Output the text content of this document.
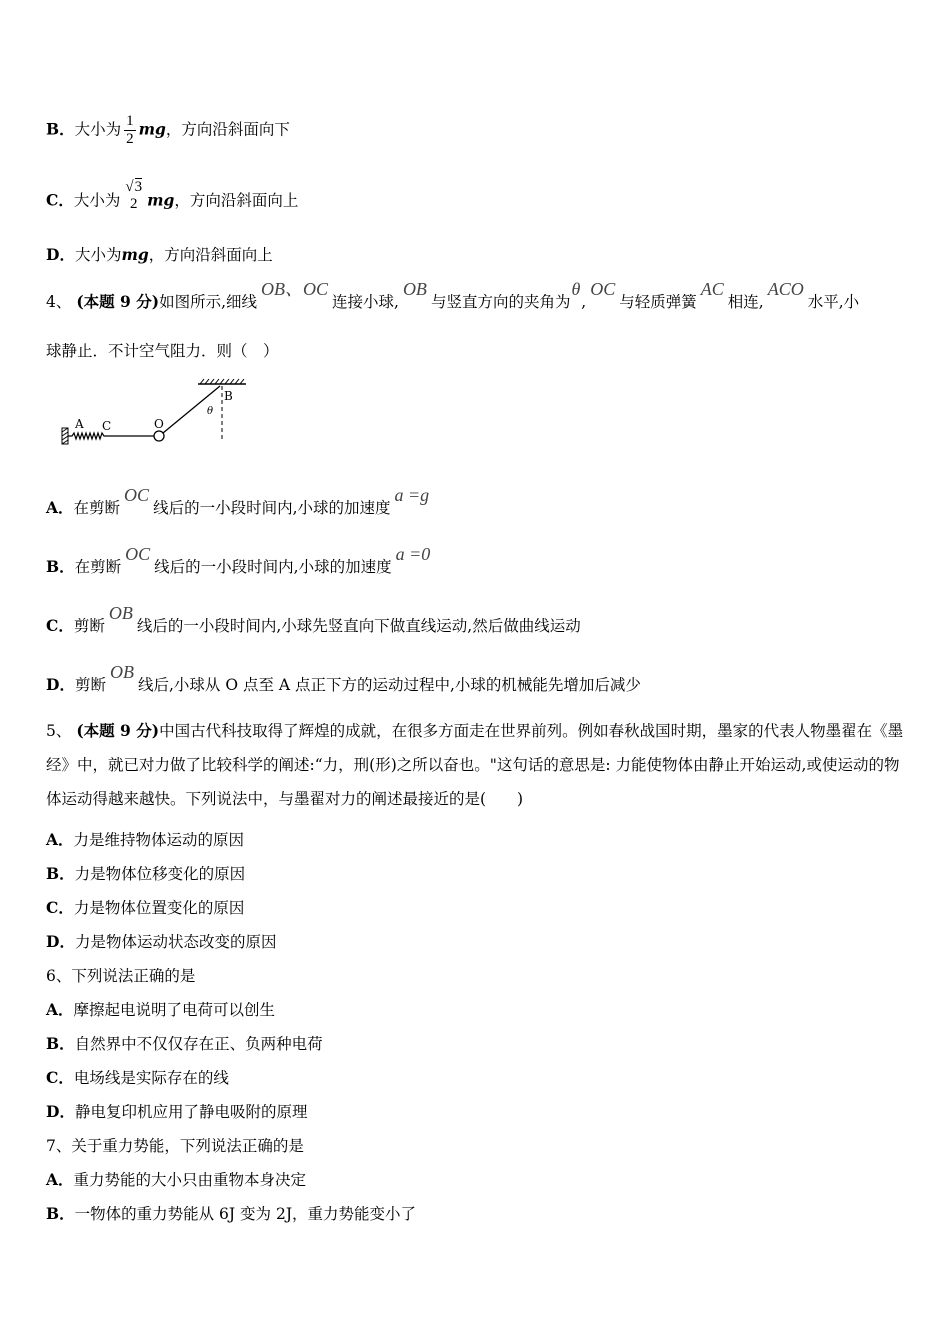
B．大小为 $\frac{1}{2}$ mg，方向沿斜面向下
C．大小为
√3
2 mg，方向沿斜面向上
D．大小为mg，方向沿斜面向上
4、 (本题 9 分)如图所示,细线OB、OC连接小球,OB与竖直方向的夹角为θ,OC与轻质弹簧AC相连,ACO水平,小
球静止．不计空气阻力．则（　）
A C	O
B
θ
A．在剪断OC线后的一小段时间内,小球的加速度a =g
B．在剪断OC线后的一小段时间内,小球的加速度a =0
C．剪断OB线后的一小段时间内,小球先竖直向下做直线运动,然后做曲线运动
D．剪断OB线后,小球从 O 点至 A 点正下方的运动过程中,小球的机械能先增加后减少
5、 (本题 9 分)中国古代科技取得了辉煌的成就，在很多方面走在世界前列。例如春秋战国时期，墨家的代表人物墨翟在《墨经》中，就已对力做了比较科学的阐述:“力，刑(形)之所以奋也。"这句话的意思是: 力能使物体由静止开始运动,或使运动的物体运动得越来越快。下列说法中，与墨翟对力的阐述最接近的是(　　)
A．力是维持物体运动的原因
B．力是物体位移变化的原因
C．力是物体位置变化的原因
D．力是物体运动状态改变的原因
6、下列说法正确的是
A．摩擦起电说明了电荷可以创生
B．自然界中不仅仅存在正、负两种电荷
C．电场线是实际存在的线
D．静电复印机应用了静电吸附的原理
7、关于重力势能，下列说法正确的是
A．重力势能的大小只由重物本身决定
B．一物体的重力势能从 6J 变为 2J，重力势能变小了
